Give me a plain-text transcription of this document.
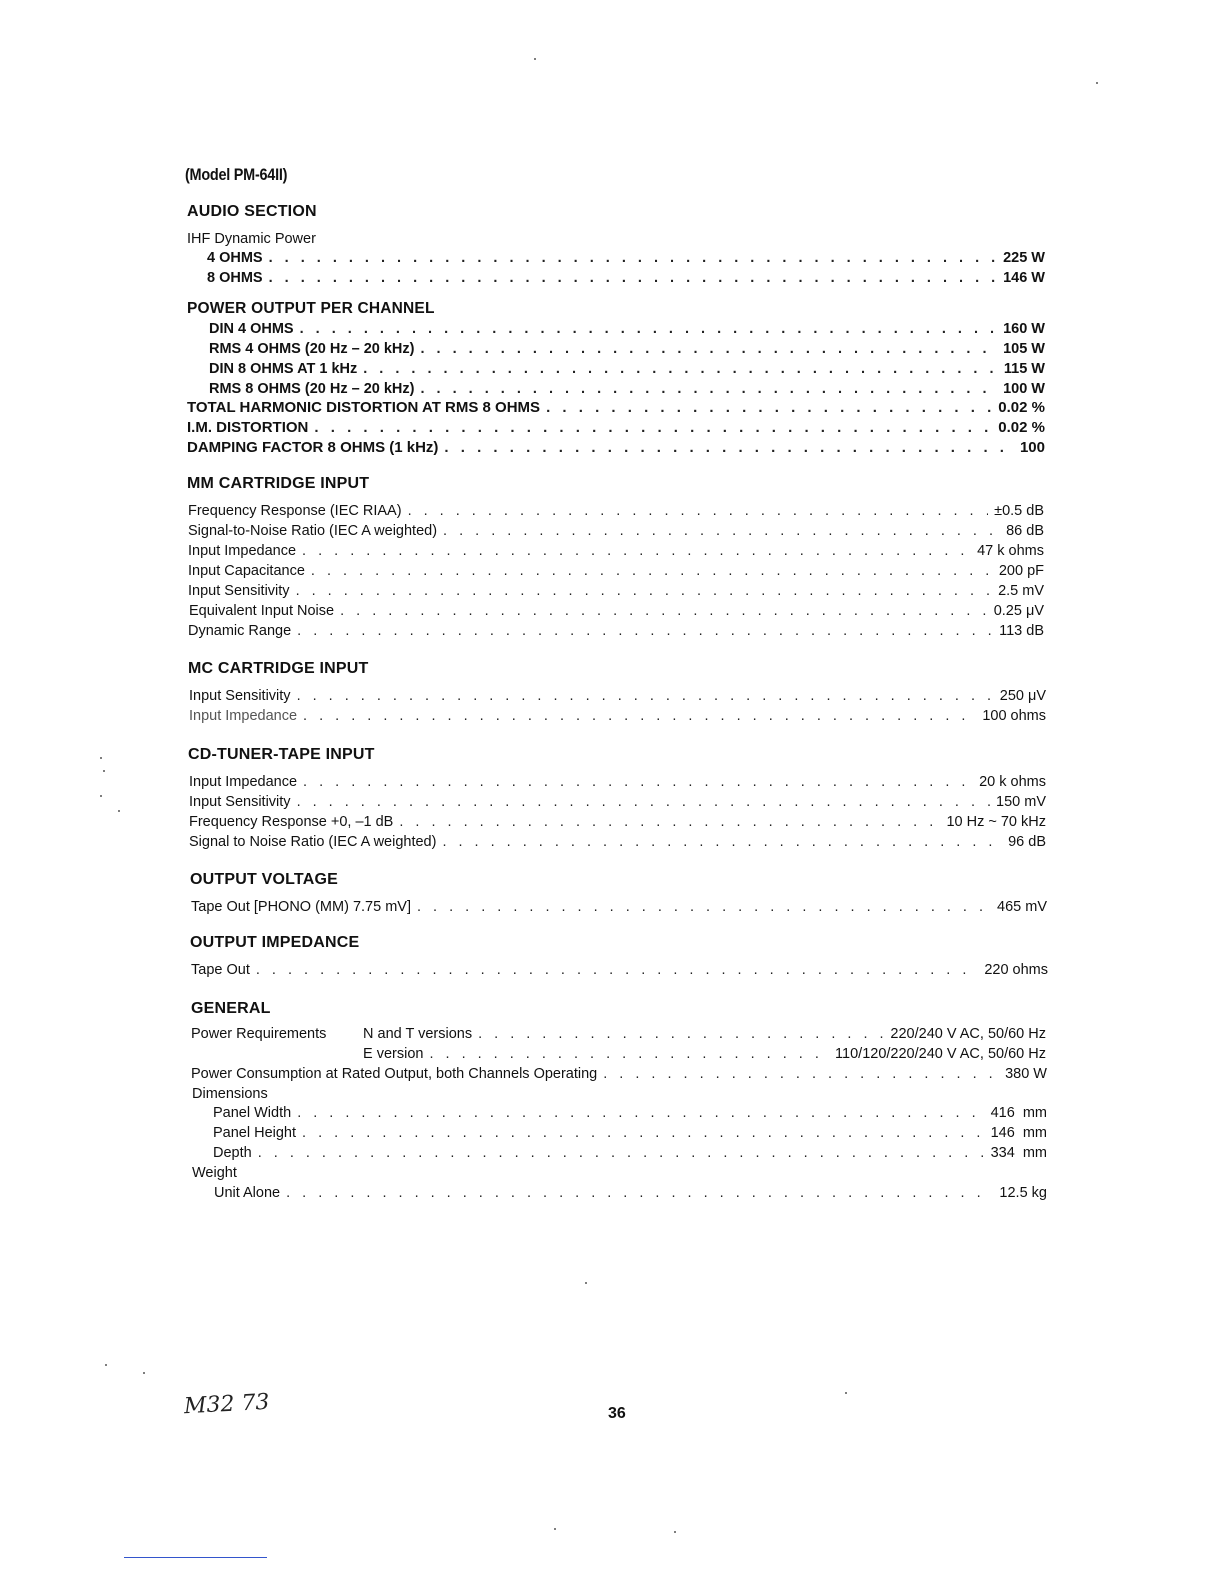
(Model PM-64II)
AUDIO SECTION
IHF Dynamic Power
4 OHMS . . .	225 W
8 OHMS . . .	146 W
POWER OUTPUT PER CHANNEL
DIN 4 OHMS . . .	160 W
RMS 4 OHMS (20 Hz – 20 kHz) . . .	105 W
DIN 8 OHMS AT 1 kHz . . .	115 W
RMS 8 OHMS (20 Hz – 20 kHz) . . .	100 W
TOTAL HARMONIC DISTORTION AT RMS 8 OHMS . . .	0.02 %
I.M. DISTORTION . . .	0.02 %
DAMPING FACTOR 8 OHMS (1 kHz) . . .	100
MM CARTRIDGE INPUT
Frequency Response (IEC RIAA) . . .	±0.5 dB
Signal-to-Noise Ratio (IEC A weighted) . . .	86 dB
Input Impedance . . .	47 k ohms
Input Capacitance . . .	200 pF
Input Sensitivity . . .	2.5 mV
Equivalent Input Noise . . .	0.25 μV
Dynamic Range . . .	113 dB
MC CARTRIDGE INPUT
Input Sensitivity . . .	250 μV
Input Impedance . . .	100 ohms
CD-TUNER-TAPE INPUT
Input Impedance . . .	20 k ohms
Input Sensitivity . . .	150 mV
Frequency Response +0, –1 dB . . .	10 Hz ~ 70 kHz
Signal to Noise Ratio (IEC A weighted) . . .	96 dB
OUTPUT VOLTAGE
Tape Out [PHONO (MM) 7.75 mV] . . .	465 mV
OUTPUT IMPEDANCE
Tape Out . . .	220 ohms
GENERAL
Power Requirements	N and T versions . . .	220/240 V AC, 50/60 Hz
E version . . .	110/120/220/240 V AC, 50/60 Hz
Power Consumption at Rated Output, both Channels Operating . . .	380 W
Dimensions
Panel Width . . .	416  mm
Panel Height . . .	146  mm
Depth . . .	334  mm
Weight
Unit Alone . . .	12.5 kg
M32 73	36
